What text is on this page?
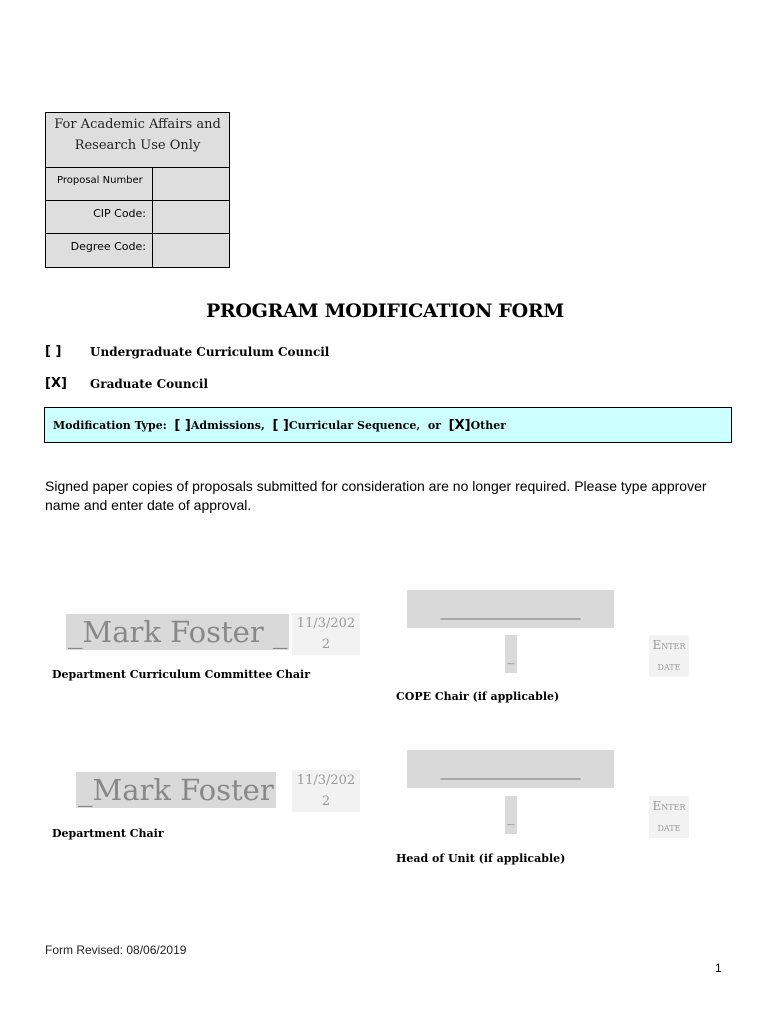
For Academic Affairs and Research Use Only
Proposal Number
CIP Code:
Degree Code:
PROGRAM MODIFICATION FORM
[ ]	Undergraduate Curriculum Council
[X]	Graduate Council
Modification Type: [ ] Admissions, [ ] Curricular Sequence,  or [X] Other
Signed paper copies of proposals submitted for consideration are no longer required. Please type approver name and enter date of approval.
_Mark Foster _ 11/3/202
2
Department Curriculum Committee Chair
____________________
_
Enter
date
COPE Chair (if applicable)
_Mark Foster	11/3/202
2
Department Chair
____________________
_
Enter
date
Head of Unit (if applicable)
Form Revised: 08/06/2019
1
